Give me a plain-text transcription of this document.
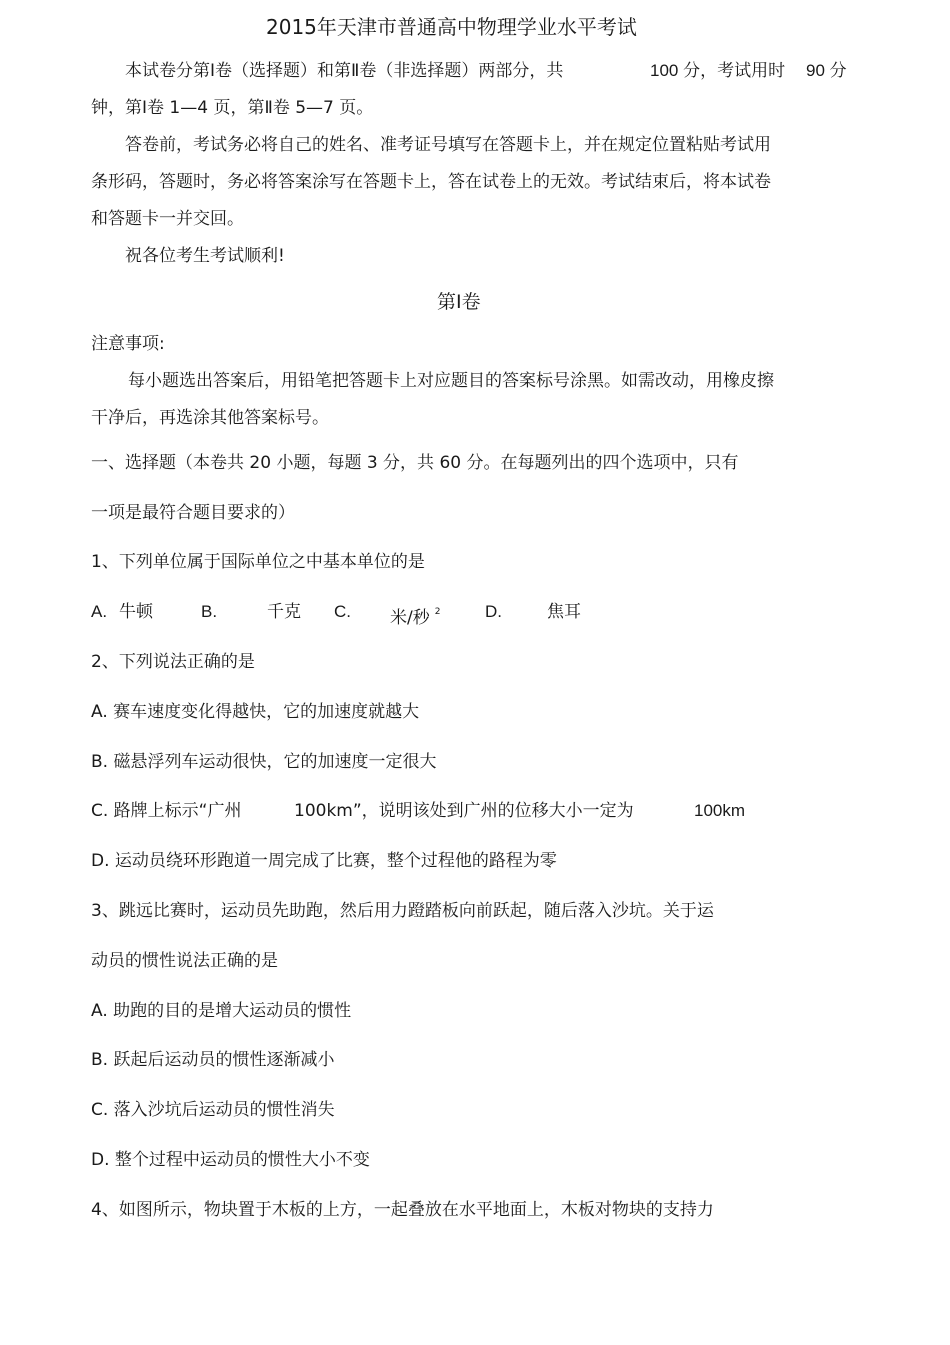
2015年天津市普通高中物理学业水平考试
本试卷分第Ⅰ卷（选择题）和第Ⅱ卷（非选择题）两部分，共	100 分，考试用时 90 分
钟，第Ⅰ卷 1—4 页，第Ⅱ卷 5—7 页。
答卷前，考试务必将自己的姓名、准考证号填写在答题卡上，并在规定位置粘贴考试用
条形码，答题时，务必将答案涂写在答题卡上，答在试卷上的无效。考试结束后，将本试卷
和答题卡一并交回。
祝各位考生考试顺利!
第Ⅰ卷
注意事项:
每小题选出答案后，用铅笔把答题卡上对应题目的答案标号涂黑。如需改动，用橡皮擦
干净后，再选涂其他答案标号。
一、选择题（本卷共 20 小题，每题 3 分，共 60 分。在每题列出的四个选项中，只有
一项是最符合题目要求的）
1、下列单位属于国际单位之中基本单位的是
A. 牛顿	B.	千克 C. 米/秒 $^2$	D.	焦耳
2、下列说法正确的是
A. 赛车速度变化得越快，它的加速度就越大
B. 磁悬浮列车运动很快，它的加速度一定很大
C. 路牌上标示“广州	100km”，说明该处到广州的位移大小一定为	100km
D. 运动员绕环形跑道一周完成了比赛，整个过程他的路程为零
3、跳远比赛时，运动员先助跑，然后用力蹬踏板向前跃起，随后落入沙坑。关于运
动员的惯性说法正确的是
A. 助跑的目的是增大运动员的惯性
B. 跃起后运动员的惯性逐渐减小
C. 落入沙坑后运动员的惯性消失
D. 整个过程中运动员的惯性大小不变
4、如图所示，物块置于木板的上方，一起叠放在水平地面上，木板对物块的支持力
